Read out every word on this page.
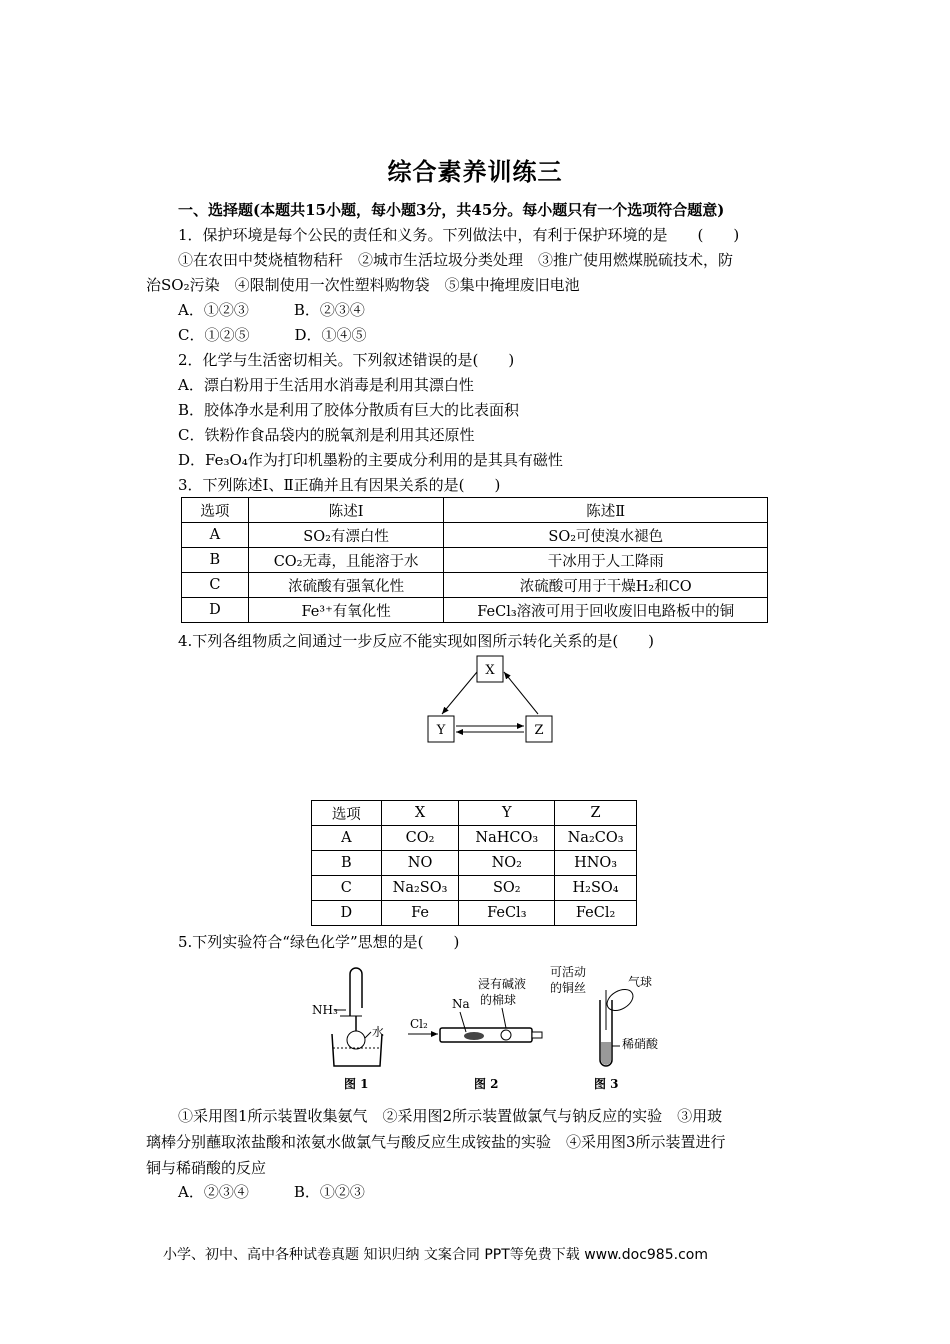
综合素养训练三
一、选择题(本题共15小题，每小题3分，共45分。每小题只有一个选项符合题意)
1．保护环境是每个公民的责任和义务。下列做法中，有利于保护环境的是　　(　　)
①在农田中焚烧植物秸秆　②城市生活垃圾分类处理　③推广使用燃煤脱硫技术，防
治SO₂污染　④限制使用一次性塑料购物袋　⑤集中掩埋废旧电池
A．①②③　　　B．②③④
C．①②⑤　　　D．①④⑤
2．化学与生活密切相关。下列叙述错误的是(　　)
A．漂白粉用于生活用水消毒是利用其漂白性
B．胶体净水是利用了胶体分散质有巨大的比表面积
C．铁粉作食品袋内的脱氧剂是利用其还原性
D．Fe₃O₄作为打印机墨粉的主要成分利用的是其具有磁性
3．下列陈述Ⅰ、Ⅱ正确并且有因果关系的是(　　)
选项	陈述Ⅰ	陈述Ⅱ
A	SO₂有漂白性	SO₂可使溴水褪色
B	CO₂无毒，且能溶于水	干冰用于人工降雨
C	浓硫酸有强氧化性	浓硫酸可用于干燥H₂和CO
D	Fe³⁺有氧化性	FeCl₃溶液可用于回收废旧电路板中的铜
4.下列各组物质之间通过一步反应不能实现如图所示转化关系的是(　　)
X
Y	Z
选项	X	Y	Z
A	CO₂	NaHCO₃	Na₂CO₃
B	NO	NO₂	HNO₃
C	Na₂SO₃	SO₂	H₂SO₄
D	Fe	FeCl₃	FeCl₂
5.下列实验符合“绿色化学”思想的是(　　)
NH₃
水
图 1
Cl₂
Na
浸有碱液
的棉球
图 2
可活动
的铜丝	气球
稀硝酸
图 3
①采用图1所示装置收集氨气　②采用图2所示装置做氯气与钠反应的实验　③用玻
璃棒分别蘸取浓盐酸和浓氨水做氯气与酸反应生成铵盐的实验　④采用图3所示装置进行
铜与稀硝酸的反应
A．②③④　　　B．①②③
小学、初中、高中各种试卷真题 知识归纳 文案合同 PPT等免费下载 www.doc985.com
